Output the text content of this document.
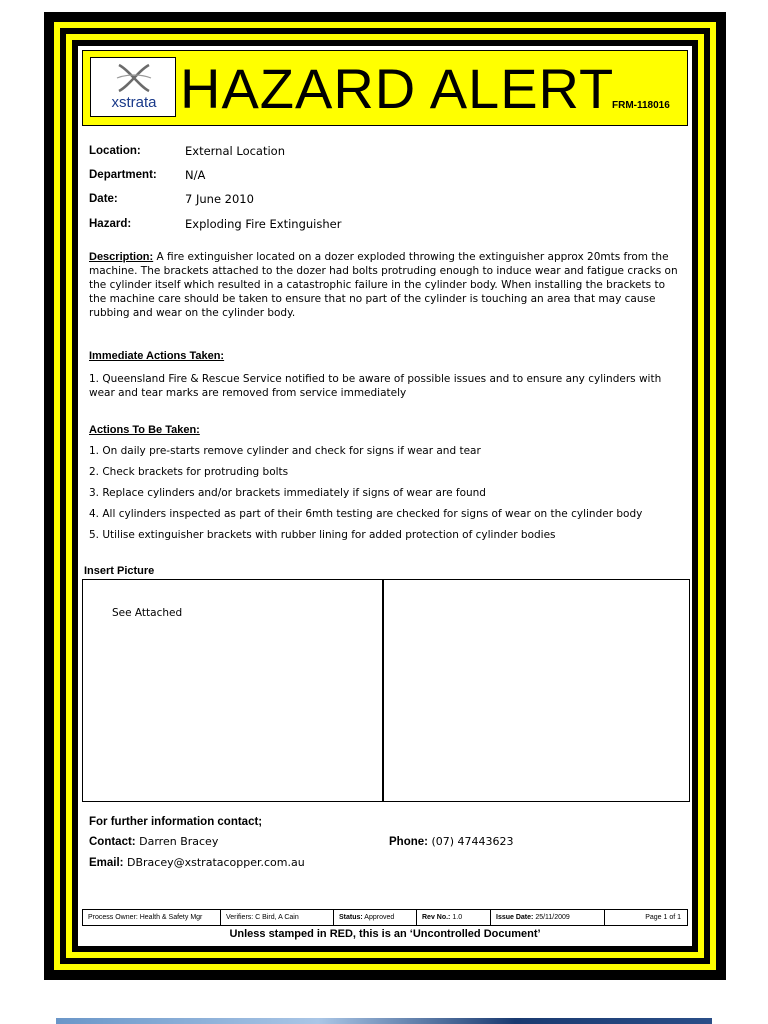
xstrata HAZARD ALERT
FRM-118016
Location:	External Location
Department: N/A
Date:	7 June 2010
Hazard:	Exploding Fire Extinguisher
Description: A fire extinguisher located on a dozer exploded throwing the extinguisher approx 20mts from the machine. The brackets attached to the dozer had bolts protruding enough to induce wear and fatigue cracks on the cylinder itself which resulted in a catastrophic failure in the cylinder body. When installing the brackets to the machine care should be taken to ensure that no part of the cylinder is touching an area that may cause rubbing and wear on the cylinder body.
Immediate Actions Taken:
1. Queensland Fire & Rescue Service notified to be aware of possible issues and to ensure any cylinders with wear and tear marks are removed from service immediately
Actions To Be Taken:
1. On daily pre-starts remove cylinder and check for signs if wear and tear
2. Check brackets for protruding bolts
3. Replace cylinders and/or brackets immediately if signs of wear are found
4. All cylinders inspected as part of their 6mth testing are checked for signs of wear on the cylinder body
5. Utilise extinguisher brackets with rubber lining for added protection of cylinder bodies
Insert Picture
See Attached
For further information contact;
Contact: Darren Bracey	Phone: (07) 47443623
Email: DBracey@xstratacopper.com.au
Process Owner: Health & Safety Mgr	Verifiers: C Bird, A Cain	Status: Approved	Rev No.: 1.0	Issue Date: 25/11/2009	Page 1 of 1
Unless stamped in RED, this is an ‘Uncontrolled Document’
